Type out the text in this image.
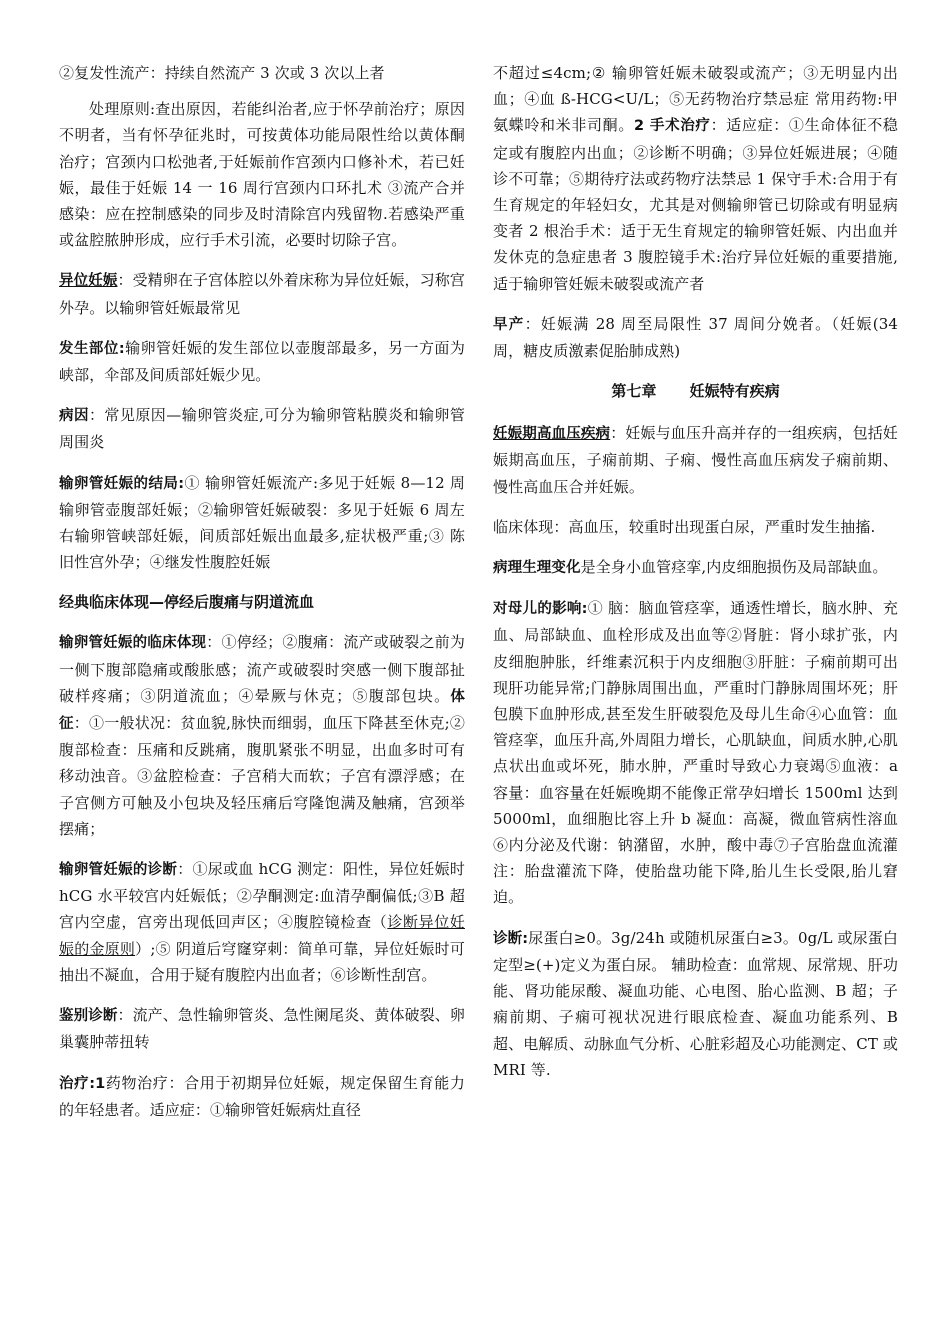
②复发性流产：持续自然流产 3 次或 3 次以上者

处理原则:查出原因，若能纠治者,应于怀孕前治疗；原因不明者，当有怀孕征兆时，可按黄体功能局限性给以黄体酮治疗；宫颈内口松弛者,于妊娠前作宫颈内口修补术，若已妊娠，最佳于妊娠 14 一 16 周行宫颈内口环扎术 ③流产合并感染：应在控制感染的同步及时清除宫内残留物.若感染严重或盆腔脓肿形成，应行手术引流，必要时切除子宫。

异位妊娠：受精卵在子宫体腔以外着床称为异位妊娠，习称宫外孕。以输卵管妊娠最常见

发生部位:输卵管妊娠的发生部位以壶腹部最多，另一方面为峡部，伞部及间质部妊娠少见。

病因：常见原因—输卵管炎症,可分为输卵管粘膜炎和输卵管周围炎

输卵管妊娠的结局:① 输卵管妊娠流产:多见于妊娠 8—12 周输卵管壶腹部妊娠；②输卵管妊娠破裂：多见于妊娠 6 周左右输卵管峡部妊娠，间质部妊娠出血最多,症状极严重;③ 陈旧性宫外孕；④继发性腹腔妊娠

经典临床体现—停经后腹痛与阴道流血

输卵管妊娠的临床体现：①停经；②腹痛：流产或破裂之前为一侧下腹部隐痛或酸胀感；流产或破裂时突感一侧下腹部扯破样疼痛；③阴道流血；④晕厥与休克；⑤腹部包块。体征：①一般状况：贫血貌,脉快而细弱，血压下降甚至休克;② 腹部检查：压痛和反跳痛，腹肌紧张不明显，出血多时可有移动浊音。③盆腔检查：子宫稍大而软；子宫有漂浮感；在子宫侧方可触及小包块及轻压痛后穹隆饱满及触痛，宫颈举摆痛；

输卵管妊娠的诊断：①尿或血 hCG 测定：阳性，异位妊娠时 hCG 水平较宫内妊娠低；②孕酮测定:血清孕酮偏低;③B 超宫内空虚，宫旁出现低回声区；④腹腔镜检查（诊断异位妊娠的金原则）;⑤ 阴道后穹窿穿刺：简单可靠，异位妊娠时可抽出不凝血，合用于疑有腹腔内出血者；⑥诊断性刮宫。

鉴别诊断：流产、急性输卵管炎、急性阑尾炎、黄体破裂、卵巢囊肿蒂扭转

治疗:1药物治疗：合用于初期异位妊娠，规定保留生育能力的年轻患者。适应症：①输卵管妊娠病灶直径

不超过≤4cm;② 输卵管妊娠未破裂或流产；③无明显内出血；④血 ß-HCG<U/L；⑤无药物治疗禁忌症 常用药物:甲氨蝶呤和米非司酮。2 手术治疗：适应症：①生命体征不稳定或有腹腔内出血；②诊断不明确；③异位妊娠进展；④随诊不可靠；⑤期待疗法或药物疗法禁忌 1 保守手术:合用于有生育规定的年轻妇女，尤其是对侧输卵管已切除或有明显病变者 2 根治手术：适于无生育规定的输卵管妊娠、内出血并发休克的急症患者 3 腹腔镜手术:治疗异位妊娠的重要措施,适于输卵管妊娠未破裂或流产者

早产：妊娠满 28 周至局限性 37 周间分娩者。（妊娠(34 周，糖皮质激素促胎肺成熟)

第七章 妊娠特有疾病

妊娠期高血压疾病：妊娠与血压升高并存的一组疾病，包括妊娠期高血压，子痫前期、子痫、慢性高血压病发子痫前期、慢性高血压合并妊娠。

临床体现：高血压，较重时出现蛋白尿，严重时发生抽搐.

病理生理变化是全身小血管痉挛,内皮细胞损伤及局部缺血。

对母儿的影响:① 脑：脑血管痉挛，通透性增长，脑水肿、充血、局部缺血、血栓形成及出血等②肾脏：肾小球扩张，内皮细胞肿胀，纤维素沉积于内皮细胞③肝脏：子痫前期可出现肝功能异常;门静脉周围出血，严重时门静脉周围坏死；肝包膜下血肿形成,甚至发生肝破裂危及母儿生命④心血管：血管痉挛，血压升高,外周阻力增长，心肌缺血，间质水肿,心肌点状出血或坏死，肺水肿，严重时导致心力衰竭⑤血液：a 容量：血容量在妊娠晚期不能像正常孕妇增长 1500ml 达到 5000ml，血细胞比容上升 b 凝血：高凝，微血管病性溶血⑥内分泌及代谢：钠潴留，水肿，酸中毒⑦子宫胎盘血流灌注：胎盘灌流下降，使胎盘功能下降,胎儿生长受限,胎儿窘迫。

诊断:尿蛋白≥0。3g/24h 或随机尿蛋白≥3。0g/L 或尿蛋白定型≥(+)定义为蛋白尿。 辅助检查：血常规、尿常规、肝功能、肾功能尿酸、凝血功能、心电图、胎心监测、B 超；子痫前期、子痫可视状况进行眼底检查、凝血功能系列、B 超、电解质、动脉血气分析、心脏彩超及心功能测定、CT 或 MRI 等.
